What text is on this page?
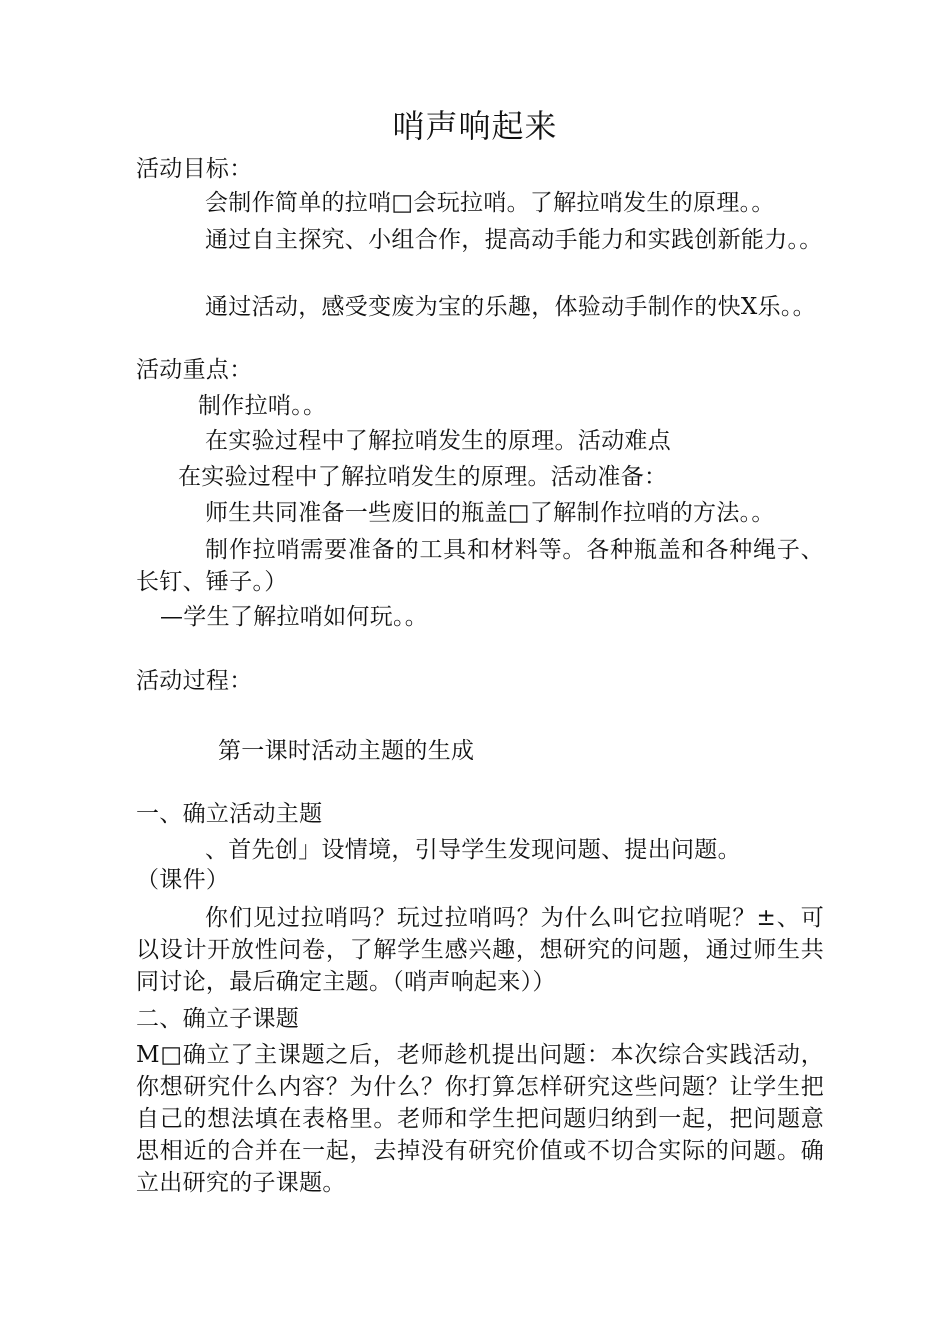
哨声响起来
活动目标：
会制作简单的拉哨□会玩拉哨。了解拉哨发生的原理。。
通过自主探究、小组合作，提高动手能力和实践创新能力。。
通过活动，感受变废为宝的乐趣，体验动手制作的快X乐。。
活动重点：
制作拉哨。。
在实验过程中了解拉哨发生的原理。活动难点
在实验过程中了解拉哨发生的原理。活动准备：
师生共同准备一些废旧的瓶盖□了解制作拉哨的方法。。
制作拉哨需要准备的工具和材料等。各种瓶盖和各种绳子、长钉、锤子。）
—学生了解拉哨如何玩。。
活动过程：
第一课时活动主题的生成
一、确立活动主题
、首先创」设情境，引导学生发现问题、提出问题。
（课件）
你们见过拉哨吗？玩过拉哨吗？为什么叫它拉哨呢？±、可以设计开放性问卷，了解学生感兴趣，想研究的问题，通过师生共同讨论，最后确定主题。（哨声响起来））
二、确立子课题
M□确立了主课题之后，老师趁机提出问题：本次综合实践活动，你想研究什么内容？为什么？你打算怎样研究这些问题？让学生把自己的想法填在表格里。老师和学生把问题归纳到一起，把问题意思相近的合并在一起，去掉没有研究价值或不切合实际的问题。确立出研究的子课题。
